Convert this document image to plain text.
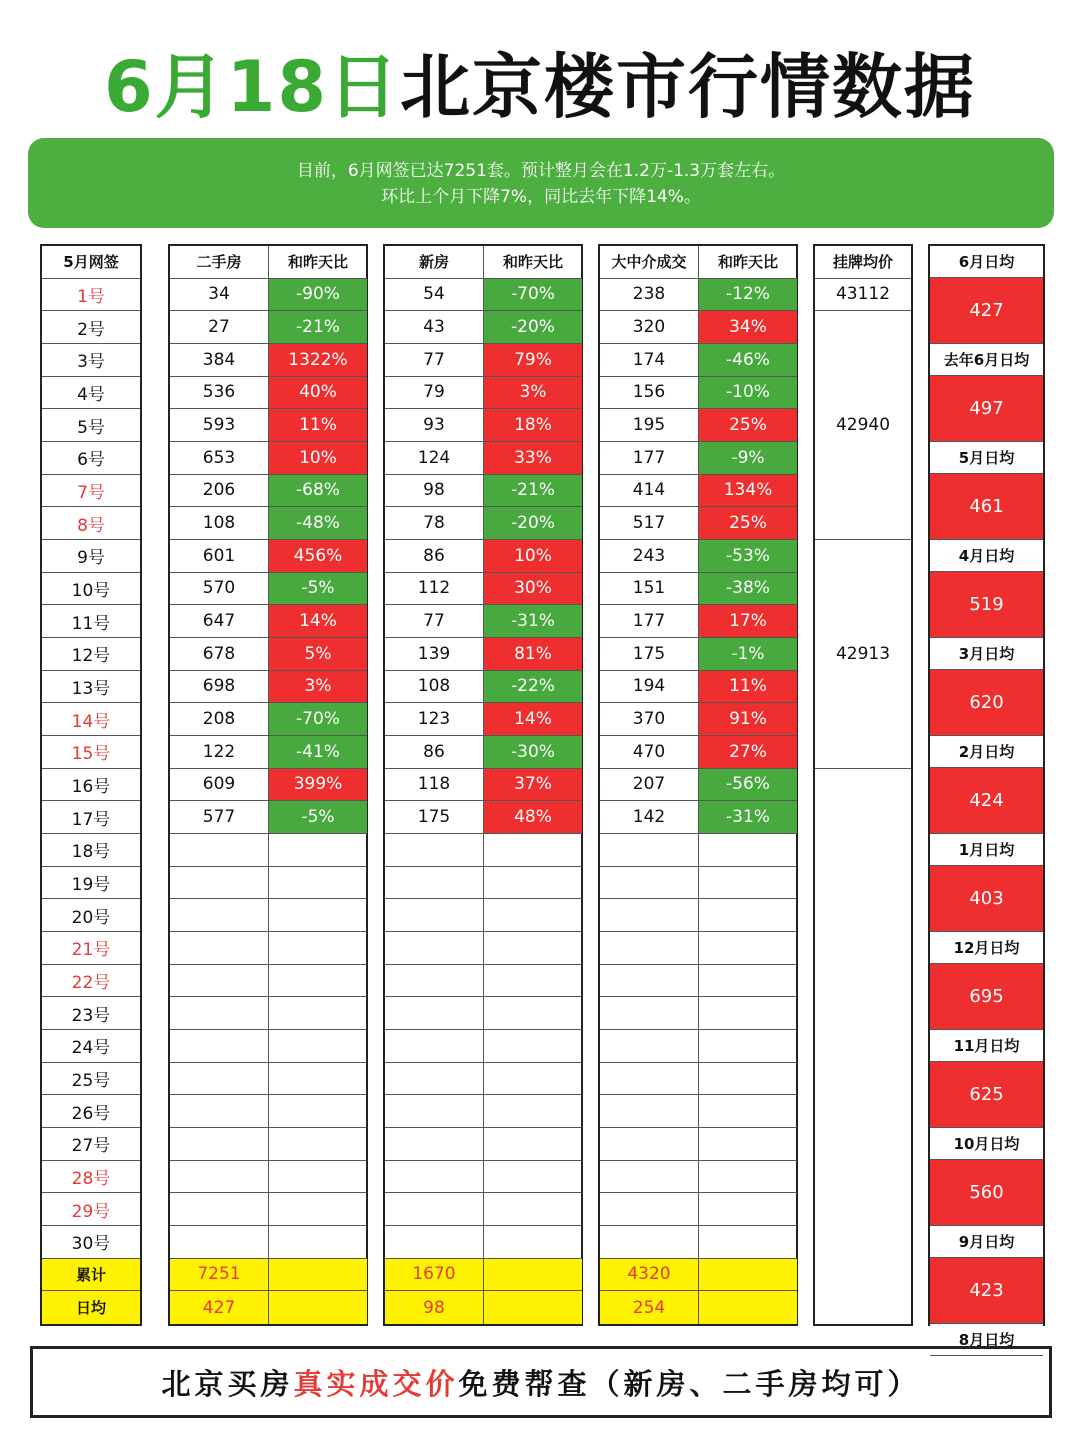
6月18日北京楼市行情数据
目前，6月网签已达7251套。预计整月会在1.2万-1.3万套左右。
环比上个月下降7%，同比去年下降14%。
5月网签
1号
2号
3号
4号
5号
6号
7号
8号
9号
10号
11号
12号
13号
14号
15号
16号
17号
18号
19号
20号
21号
22号
23号
24号
25号
26号
27号
28号
29号
30号
累计
日均
二手房
34
27
384
536
593
653
206
108
601
570
647
678
698
208
122
609
577
7251
427
和昨天比
-90%
-21%
1322%
40%
11%
10%
-68%
-48%
456%
-5%
14%
5%
3%
-70%
-41%
399%
-5%
新房
54
43
77
79
93
124
98
78
86
112
77
139
108
123
86
118
175
1670
98
和昨天比
-70%
-20%
79%
3%
18%
33%
-21%
-20%
10%
30%
-31%
81%
-22%
14%
-30%
37%
48%
大中介成交
238
320
174
156
195
177
414
517
243
151
177
175
194
370
470
207
142
4320
254
和昨天比
-12%
34%
-46%
-10%
25%
-9%
134%
25%
-53%
-38%
17%
-1%
11%
91%
27%
-56%
-31%
挂牌均价
43112
42940
42913
6月日均
427
去年6月日均
497
5月日均
461
4月日均
519
3月日均
620
2月日均
424
1月日均
403
12月日均
695
11月日均
625
10月日均
560
9月日均
423
8月日均
北京买房 真实成交价 免费帮查（新房、二手房均可）
